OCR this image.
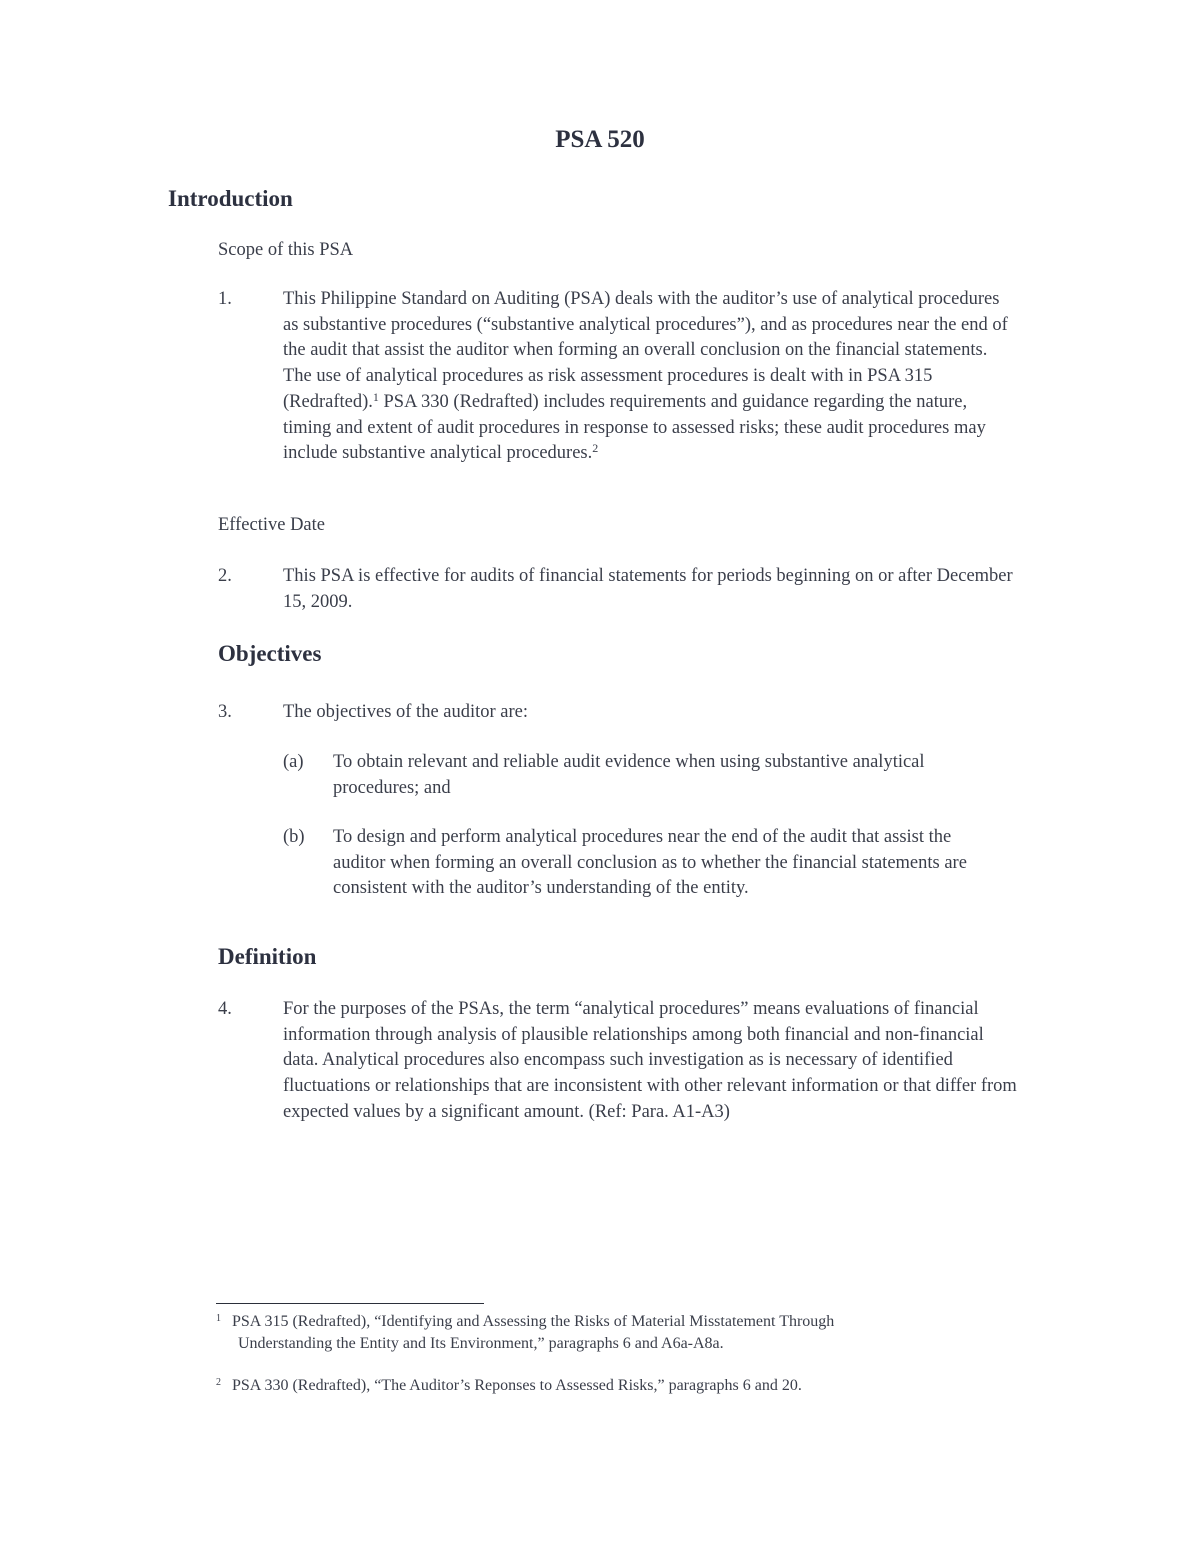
PSA 520
Introduction
Scope of this PSA
1.	This Philippine Standard on Auditing (PSA) deals with the auditor’s use of analytical procedures as substantive procedures (“substantive analytical procedures”), and as procedures near the end of the audit that assist the auditor when forming an overall conclusion on the financial statements. The use of analytical procedures as risk assessment procedures is dealt with in PSA 315 (Redrafted).$^1$ PSA 330 (Redrafted) includes requirements and guidance regarding the nature, timing and extent of audit procedures in response to assessed risks; these audit procedures may include substantive analytical procedures.$^2$
Effective Date
2.	This PSA is effective for audits of financial statements for periods beginning on or after December 15, 2009.
Objectives
3.	The objectives of the auditor are:
(a) To obtain relevant and reliable audit evidence when using substantive analytical procedures; and
(b) To design and perform analytical procedures near the end of the audit that assist the auditor when forming an overall conclusion as to whether the financial statements are consistent with the auditor’s understanding of the entity.
Definition
4.	For the purposes of the PSAs, the term “analytical procedures” means evaluations of financial information through analysis of plausible relationships among both financial and non-financial data. Analytical procedures also encompass such investigation as is necessary of identified fluctuations or relationships that are inconsistent with other relevant information or that differ from expected values by a significant amount. (Ref: Para. A1-A3)
1 PSA 315 (Redrafted), “Identifying and Assessing the Risks of Material Misstatement Through
Understanding the Entity and Its Environment,” paragraphs 6 and A6a-A8a.
2 PSA 330 (Redrafted), “The Auditor’s Reponses to Assessed Risks,” paragraphs 6 and 20.
